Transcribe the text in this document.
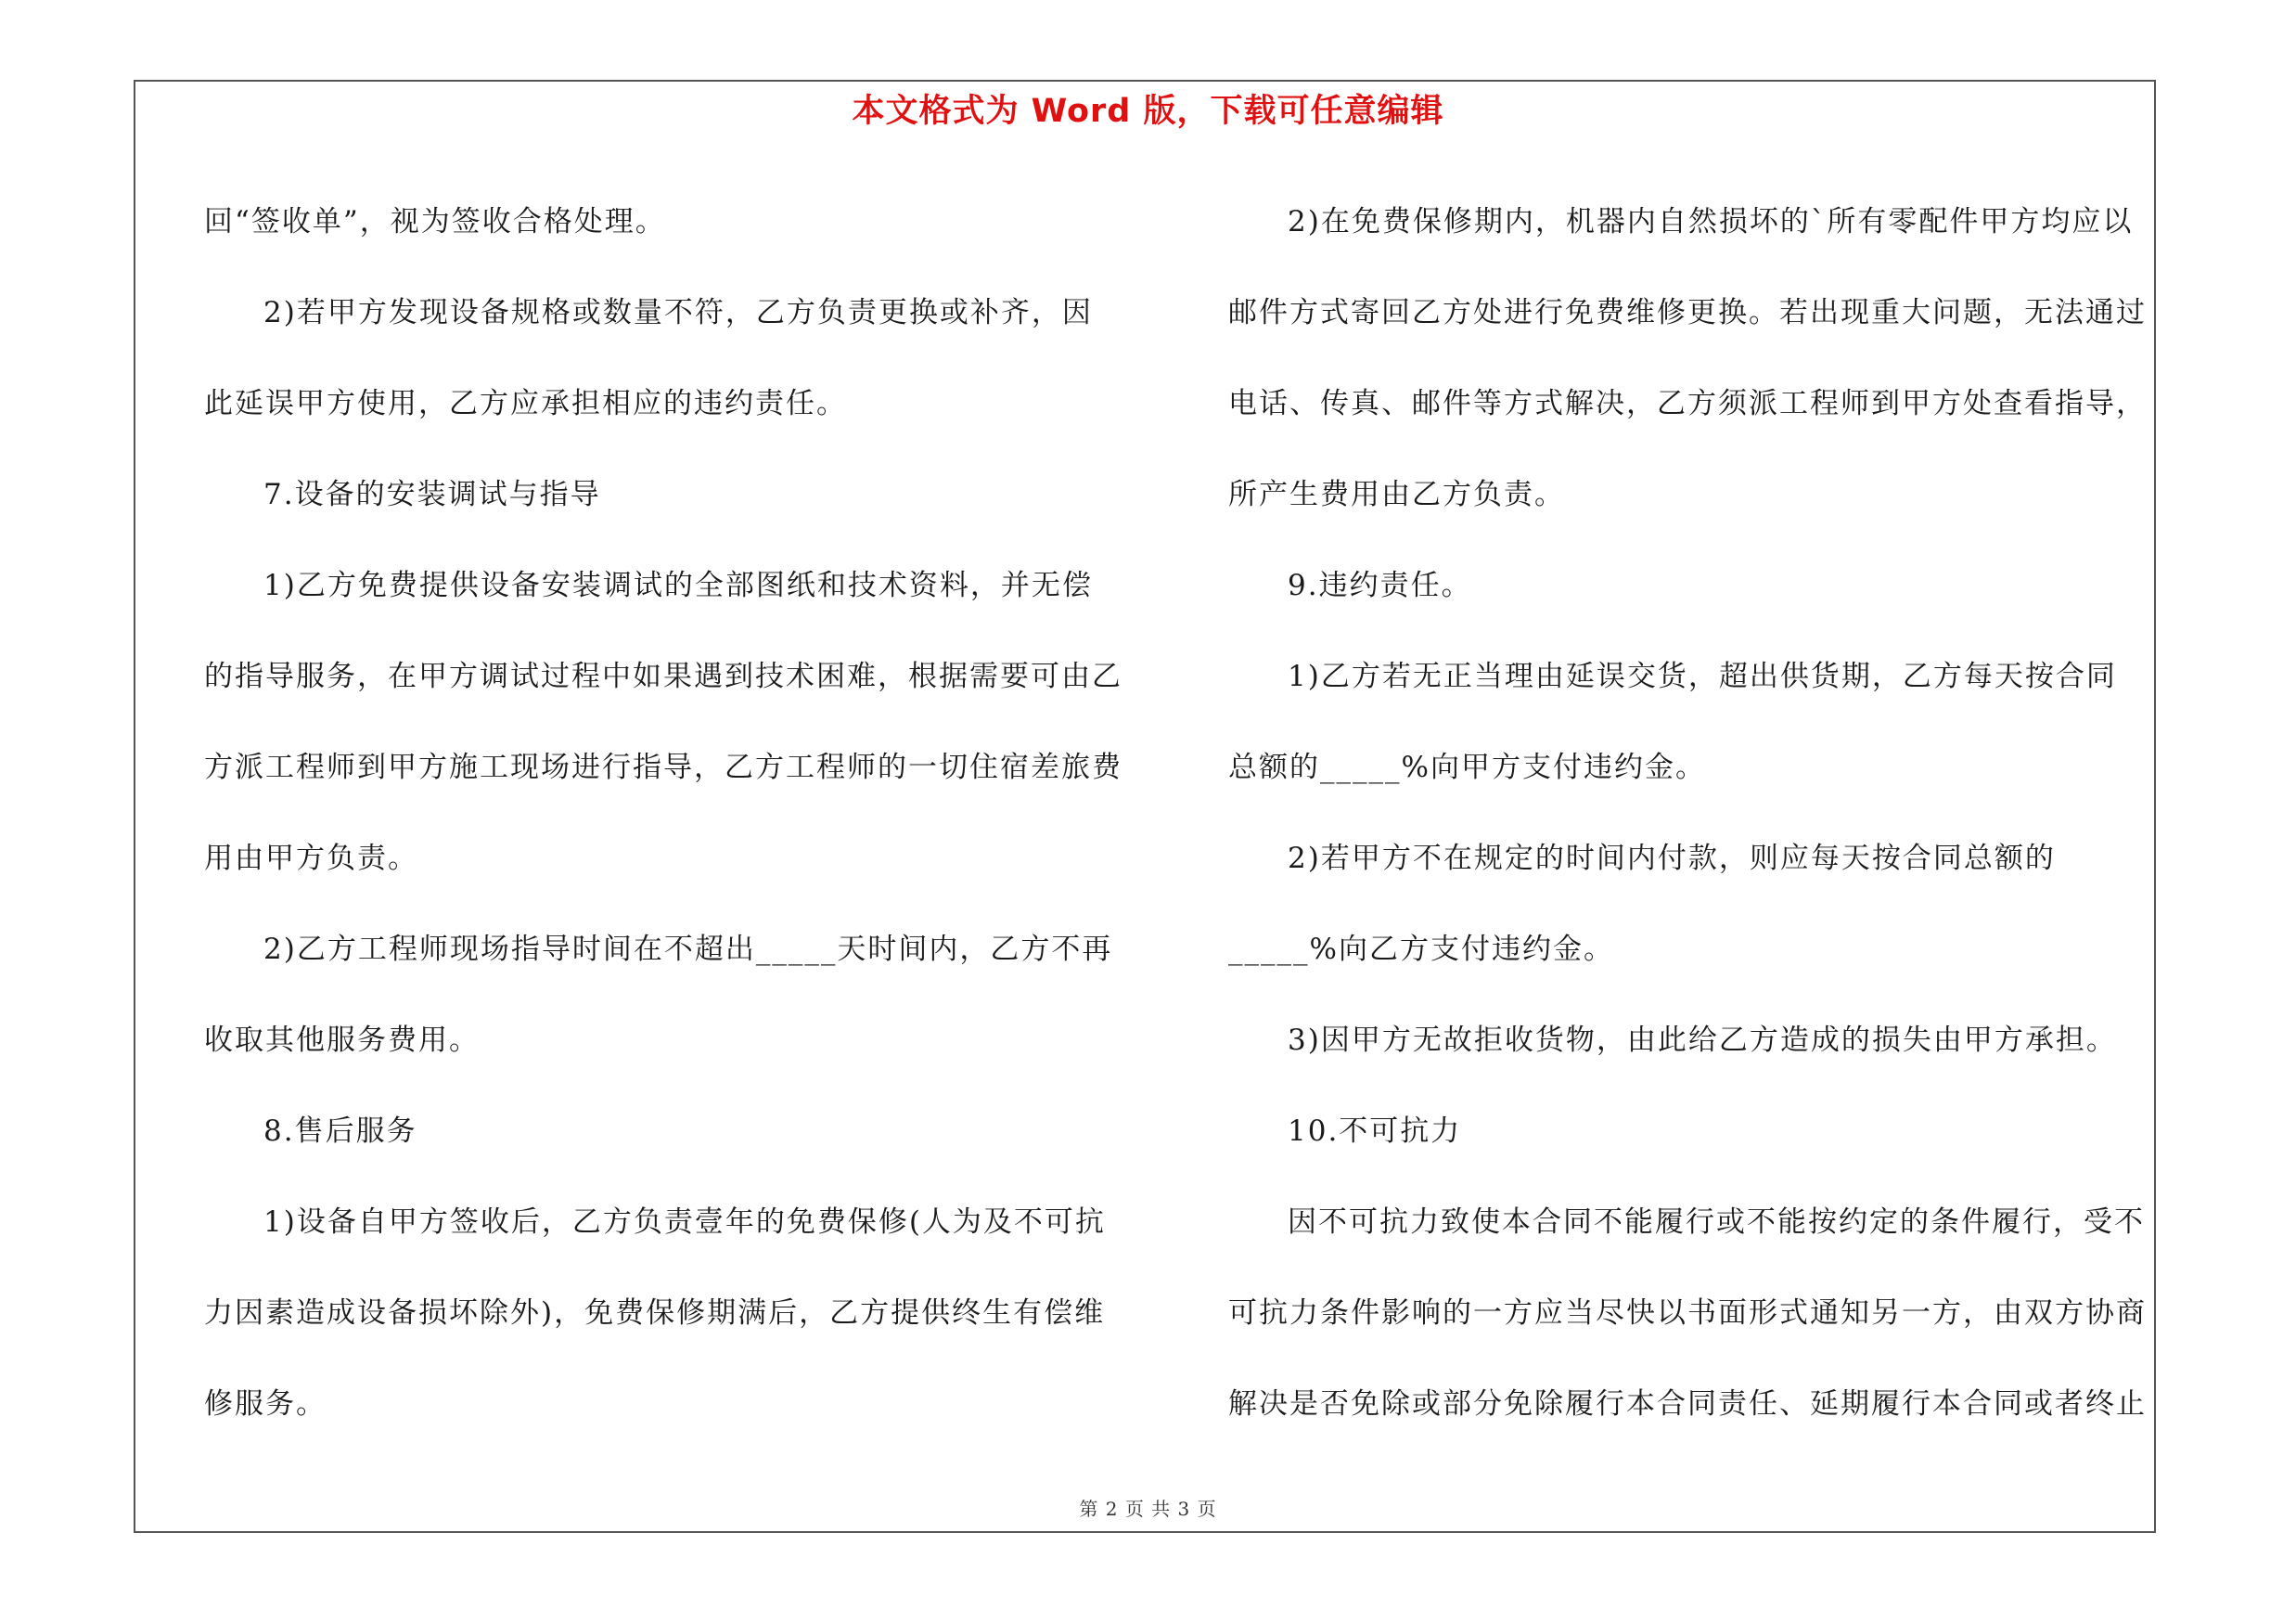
本文格式为 Word 版，下载可任意编辑

回“签收单”，视为签收合格处理。

2)若甲方发现设备规格或数量不符，乙方负责更换或补齐，因此延误甲方使用，乙方应承担相应的违约责任。

7.设备的安装调试与指导

1)乙方免费提供设备安装调试的全部图纸和技术资料，并无偿的指导服务，在甲方调试过程中如果遇到技术困难，根据需要可由乙方派工程师到甲方施工现场进行指导，乙方工程师的一切住宿差旅费用由甲方负责。

2)乙方工程师现场指导时间在不超出_____天时间内，乙方不再收取其他服务费用。

8.售后服务

1)设备自甲方签收后，乙方负责壹年的免费保修(人为及不可抗力因素造成设备损坏除外)，免费保修期满后，乙方提供终生有偿维修服务。

2)在免费保修期内，机器内自然损坏的`所有零配件甲方均应以邮件方式寄回乙方处进行免费维修更换。若出现重大问题，无法通过电话、传真、邮件等方式解决，乙方须派工程师到甲方处查看指导，所产生费用由乙方负责。

9.违约责任。

1)乙方若无正当理由延误交货，超出供货期，乙方每天按合同总额的_____%向甲方支付违约金。

2)若甲方不在规定的时间内付款，则应每天按合同总额的_____%向乙方支付违约金。

3)因甲方无故拒收货物，由此给乙方造成的损失由甲方承担。

10.不可抗力

因不可抗力致使本合同不能履行或不能按约定的条件履行，受不可抗力条件影响的一方应当尽快以书面形式通知另一方，由双方协商解决是否免除或部分免除履行本合同责任、延期履行本合同或者终止

第 2 页 共 3 页
